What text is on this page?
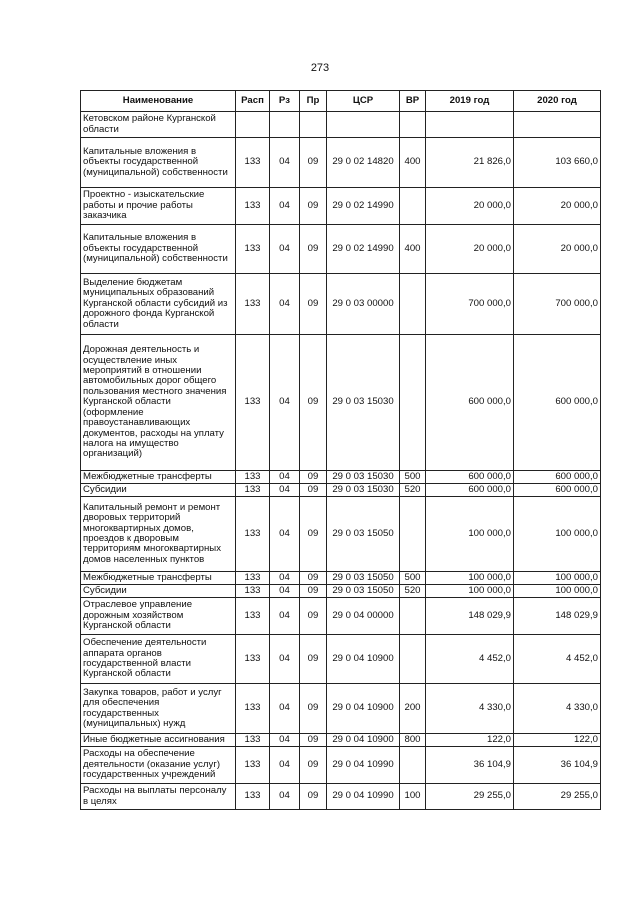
273
Наименование	Расп	Рз	Пр	ЦСР	ВР	2019 год	2020 год
Кетовском районе Курганской области							
Капитальные вложения в объекты государственной (муниципальной) собственности	133	04	09	29 0 02 14820	400	21 826,0	103 660,0
Проектно - изыскательские работы и прочие работы заказчика	133	04	09	29 0 02 14990		20 000,0	20 000,0
Капитальные вложения в объекты государственной (муниципальной) собственности	133	04	09	29 0 02 14990	400	20 000,0	20 000,0
Выделение бюджетам муниципальных образований Курганской области субсидий из дорожного фонда Курганской области	133	04	09	29 0 03 00000		700 000,0	700 000,0
Дорожная деятельность и осуществление иных мероприятий в отношении автомобильных дорог общего пользования местного значения Курганской области (оформление правоустанавливающих документов, расходы на уплату налога на имущество организаций)	133	04	09	29 0 03 15030		600 000,0	600 000,0
Межбюджетные трансферты	133	04	09	29 0 03 15030	500	600 000,0	600 000,0
Субсидии	133	04	09	29 0 03 15030	520	600 000,0	600 000,0
Капитальный ремонт и ремонт дворовых территорий многоквартирных домов, проездов к дворовым территориям многоквартирных домов населенных пунктов	133	04	09	29 0 03 15050		100 000,0	100 000,0
Межбюджетные трансферты	133	04	09	29 0 03 15050	500	100 000,0	100 000,0
Субсидии	133	04	09	29 0 03 15050	520	100 000,0	100 000,0
Отраслевое управление дорожным хозяйством Курганской области	133	04	09	29 0 04 00000		148 029,9	148 029,9
Обеспечение деятельности аппарата органов государственной власти Курганской области	133	04	09	29 0 04 10900		4 452,0	4 452,0
Закупка товаров, работ и услуг для обеспечения государственных (муниципальных) нужд	133	04	09	29 0 04 10900	200	4 330,0	4 330,0
Иные бюджетные ассигнования	133	04	09	29 0 04 10900	800	122,0	122,0
Расходы на обеспечение деятельности (оказание услуг) государственных учреждений	133	04	09	29 0 04 10990		36 104,9	36 104,9
Расходы на выплаты персоналу в целях	133	04	09	29 0 04 10990	100	29 255,0	29 255,0
